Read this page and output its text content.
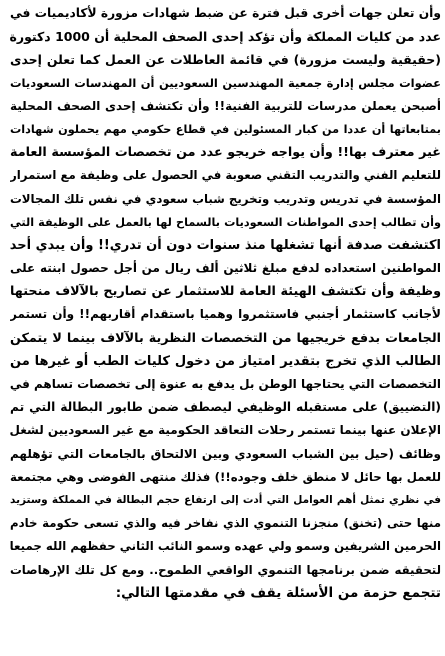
وأن تعلن جهات أخرى قبل فترة عن ضبط شهادات مزورة لأكاديميات في
عدد من كليات المملكة وأن تؤكد إحدى الصحف المحلية أن 1000 دكتورة
(حقيقية وليست مزورة) في قائمة العاطلات عن العمل كما تعلن إحدى
عضوات مجلس إدارة جمعية المهندسين السعوديين أن المهندسات السعوديات
أصبحن يعملن مدرسات للتربية الفنية!! وأن تكتشف إحدى الصحف المحلية
بمتابعاتها أن عددا من كبار المسئولين في قطاع حكومي مهم يحملون شهادات
غير معترف بها!! وأن يواجه خريجو عدد من تخصصات المؤسسة العامة
للتعليم الفني والتدريب التقني صعوبة في الحصول على وظيفة مع استمرار
المؤسسة في تدريس وتدريب وتخريج شباب سعودي في نفس تلك المجالات
وأن تطالب إحدى المواطنات السعوديات بالسماح لها بالعمل على الوظيفة التي
اكتشفت صدفة أنها تشغلها منذ سنوات دون أن تدري!! وأن يبدي أحد
المواطنين استعداده لدفع مبلغ ثلاثين ألف ريال من أجل حصول ابنته على
وظيفة وأن تكتشف الهيئة العامة للاستثمار عن تصاريح بالآلاف منحتها
لأجانب كاستثمار أجنبي فاستثمروا وهميا باستقدام أقاربهم!! وأن تستمر
الجامعات بدفع خريجيها من التخصصات النظرية بالآلاف بينما لا يتمكن
الطالب الذي تخرج بتقدير امتياز من دخول كليات الطب أو غيرها من
التخصصات التي يحتاجها الوطن بل يدفع به عنوة إلى تخصصات تساهم في
(التضييق) على مستقبله الوظيفي ليصطف ضمن طابور البطالة التي تم
الإعلان عنها بينما تستمر رحلات التعاقد الحكومية مع غير السعوديين لشغل
وظائف (حيل بين الشباب السعودي وبين الالتحاق بالجامعات التي تؤهلهم
للعمل بها حائل لا منطق خلف وجوده!!) فذلك منتهى الفوضى وهي مجتمعة
في نظري تمثل أهم العوامل التي أدت إلى ارتفاع حجم البطالة في المملكة وستزيد
منها حتى (تخنق) منجزنا التنموي الذي نفاخر فيه والذي تسعى حكومة خادم
الحرمين الشريفين وسمو ولي عهده وسمو النائب الثاني حفظهم الله جميعا
لتحقيقه ضمن برنامجها التنموي الواقعي الطموح.. ومع كل تلك الإرهاصات
تتجمع حزمة من الأسئلة يقف في مقدمتها التالي:
